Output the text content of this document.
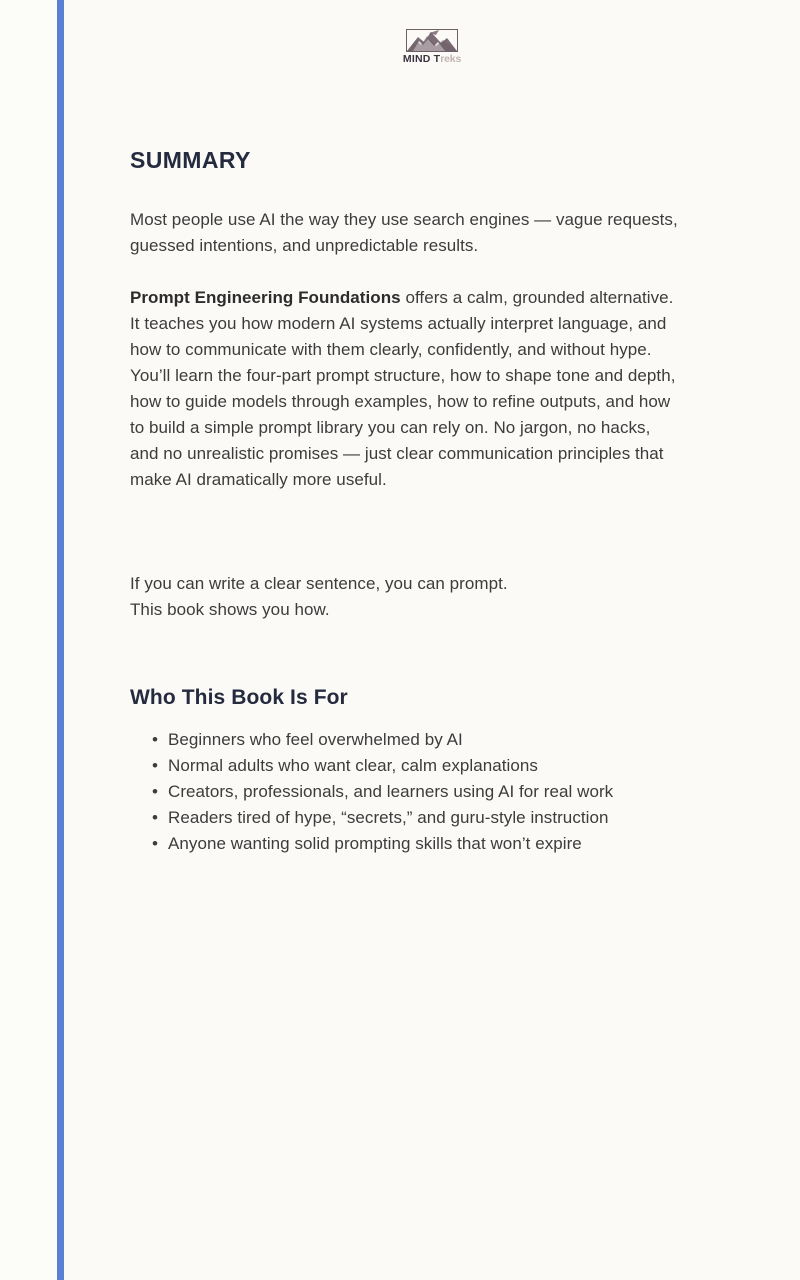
MIND Treks
SUMMARY

Most people use AI the way they use search engines — vague requests, guessed intentions, and unpredictable results.

Prompt Engineering Foundations offers a calm, grounded alternative. It teaches you how modern AI systems actually interpret language, and how to communicate with them clearly, confidently, and without hype. You’ll learn the four-part prompt structure, how to shape tone and depth, how to guide models through examples, how to refine outputs, and how to build a simple prompt library you can rely on. No jargon, no hacks, and no unrealistic promises — just clear communication principles that make AI dramatically more useful.

If you can write a clear sentence, you can prompt.
This book shows you how.

Who This Book Is For
• Beginners who feel overwhelmed by AI
• Normal adults who want clear, calm explanations
• Creators, professionals, and learners using AI for real work
• Readers tired of hype, “secrets,” and guru-style instruction
• Anyone wanting solid prompting skills that won’t expire
